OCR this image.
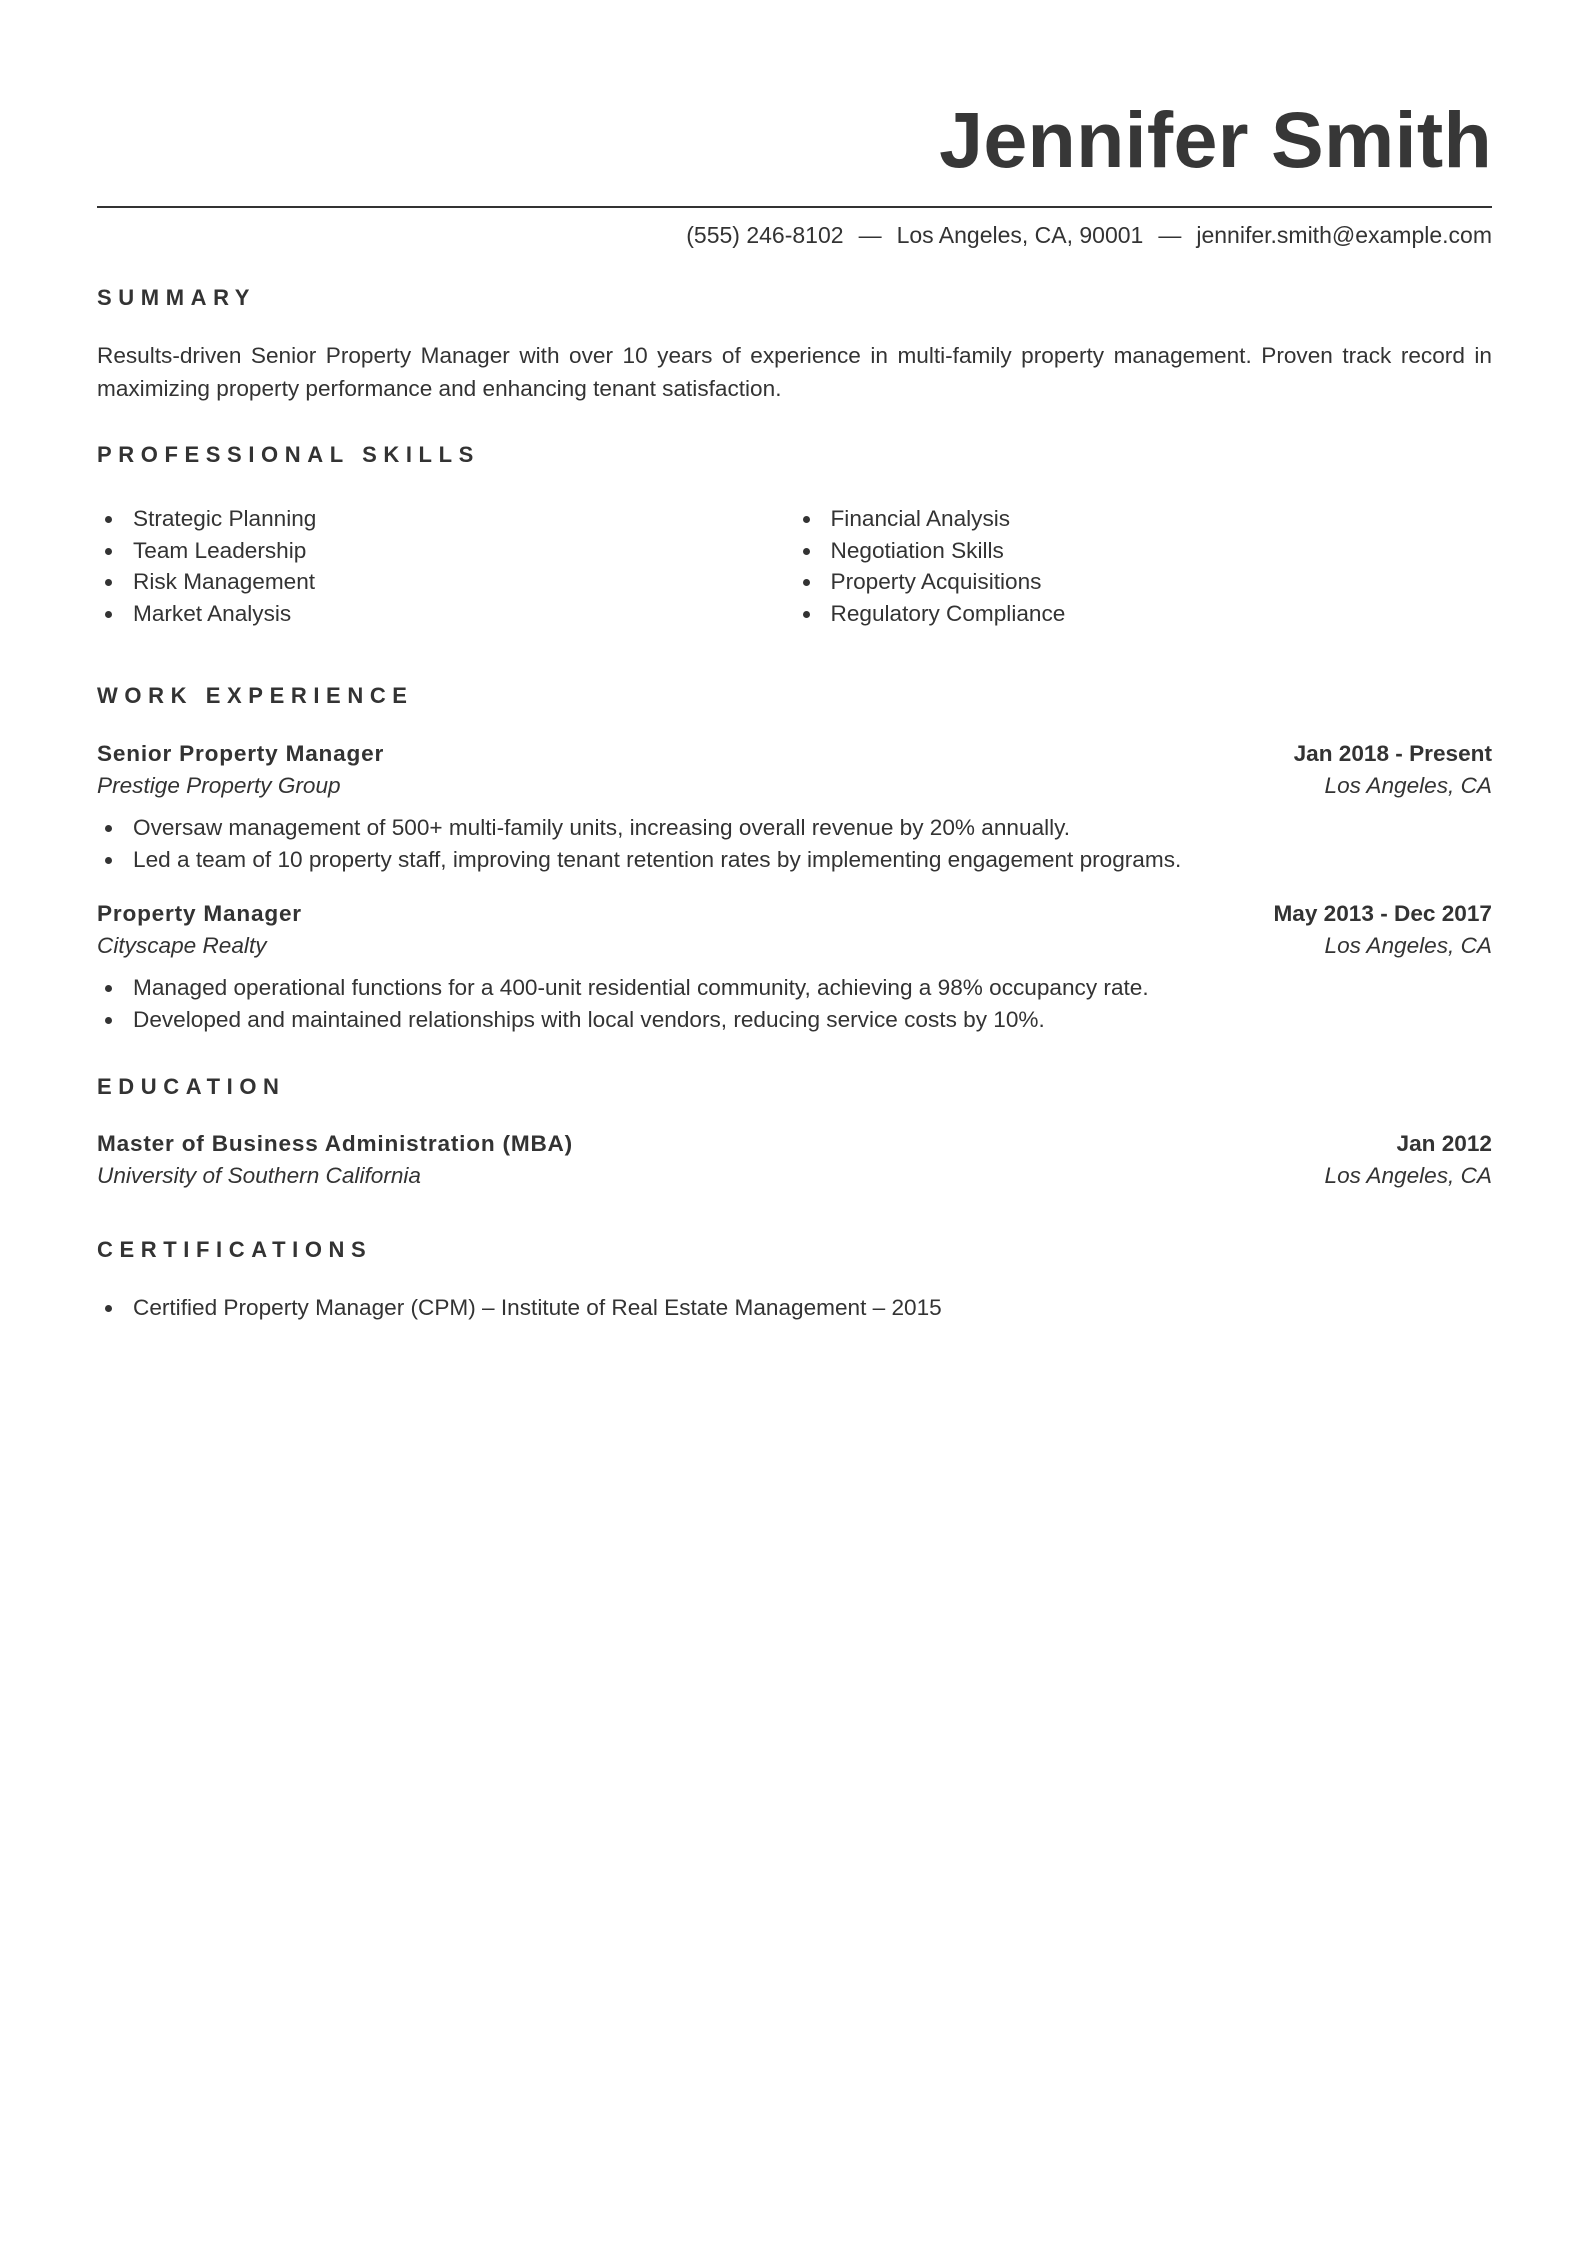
Jennifer Smith
(555) 246-8102 — Los Angeles, CA, 90001 — jennifer.smith@example.com
SUMMARY

Results-driven Senior Property Manager with over 10 years of experience in multi-family property management. Proven track record in maximizing property performance and enhancing tenant satisfaction.

PROFESSIONAL SKILLS
Strategic Planning
Team Leadership
Risk Management
Market Analysis
Financial Analysis
Negotiation Skills
Property Acquisitions
Regulatory Compliance
WORK EXPERIENCE
Senior Property Manager	Jan 2018 - Present
Prestige Property Group	Los Angeles, CA
Oversaw management of 500+ multi-family units, increasing overall revenue by 20% annually.
Led a team of 10 property staff, improving tenant retention rates by implementing engagement programs.
Property Manager	May 2013 - Dec 2017
Cityscape Realty	Los Angeles, CA
Managed operational functions for a 400-unit residential community, achieving a 98% occupancy rate.
Developed and maintained relationships with local vendors, reducing service costs by 10%.
EDUCATION
Master of Business Administration (MBA)	Jan 2012
University of Southern California	Los Angeles, CA
CERTIFICATIONS
Certified Property Manager (CPM) – Institute of Real Estate Management – 2015
